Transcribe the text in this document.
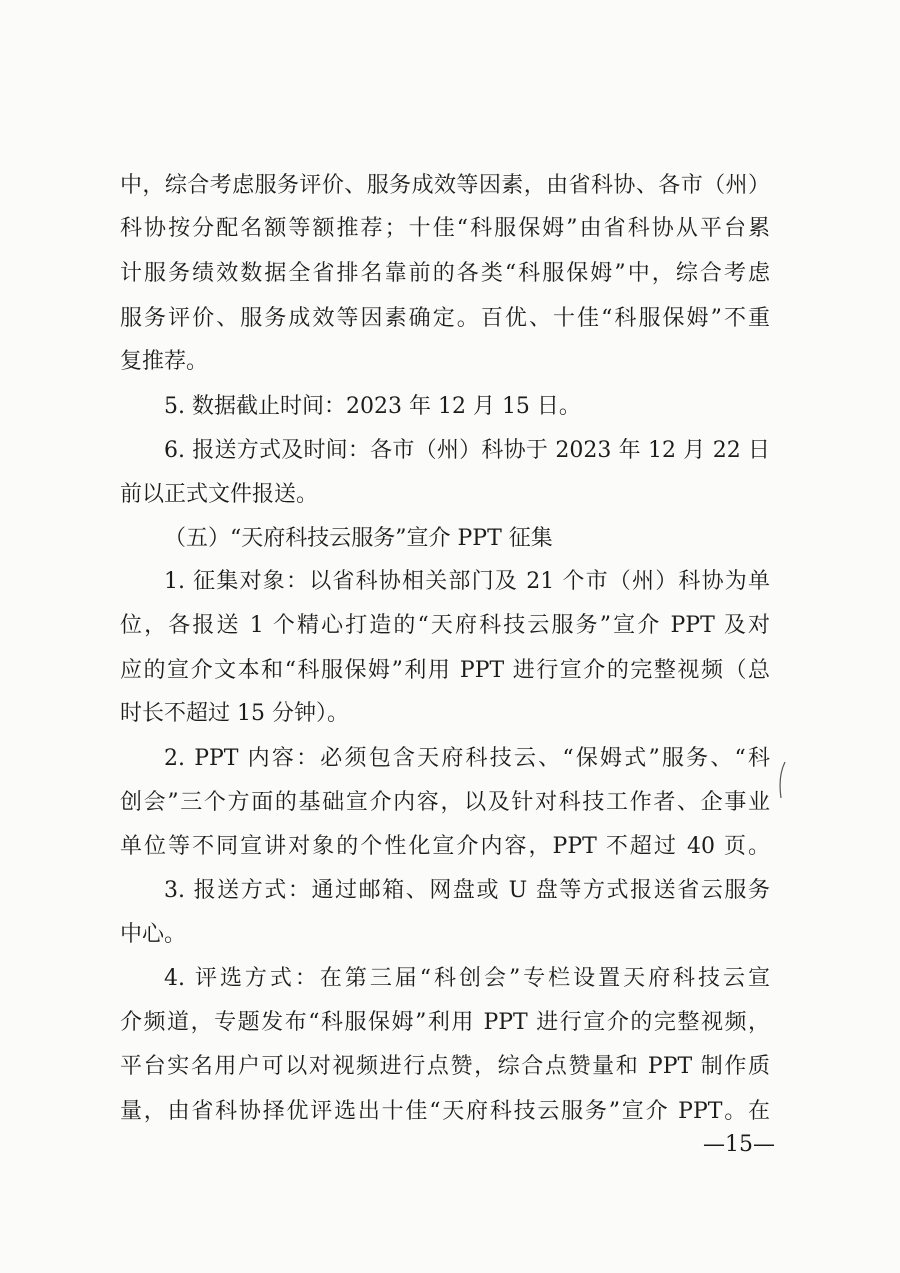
中，综合考虑服务评价、服务成效等因素，由省科协、各市（州）
科协按分配名额等额推荐；十佳“科服保姆”由省科协从平台累
计服务绩效数据全省排名靠前的各类“科服保姆”中，综合考虑
服务评价、服务成效等因素确定。百优、十佳“科服保姆”不重
复推荐。
5. 数据截止时间：2023 年 12 月 15 日。
6. 报送方式及时间：各市（州）科协于 2023 年 12 月 22 日
前以正式文件报送。
（五）“天府科技云服务”宣介 PPT 征集
1. 征集对象：以省科协相关部门及 21 个市（州）科协为单
位，各报送 1 个精心打造的“天府科技云服务”宣介 PPT 及对
应的宣介文本和“科服保姆”利用 PPT 进行宣介的完整视频（总
时长不超过 15 分钟）。
2. PPT 内容：必须包含天府科技云、“保姆式”服务、“科
创会”三个方面的基础宣介内容，以及针对科技工作者、企事业
单位等不同宣讲对象的个性化宣介内容，PPT 不超过 40 页。
3. 报送方式：通过邮箱、网盘或 U 盘等方式报送省云服务
中心。
4. 评选方式：在第三届“科创会”专栏设置天府科技云宣
介频道，专题发布“科服保姆”利用 PPT 进行宣介的完整视频，
平台实名用户可以对视频进行点赞，综合点赞量和 PPT 制作质
量，由省科协择优评选出十佳“天府科技云服务”宣介 PPT。在
—15—
